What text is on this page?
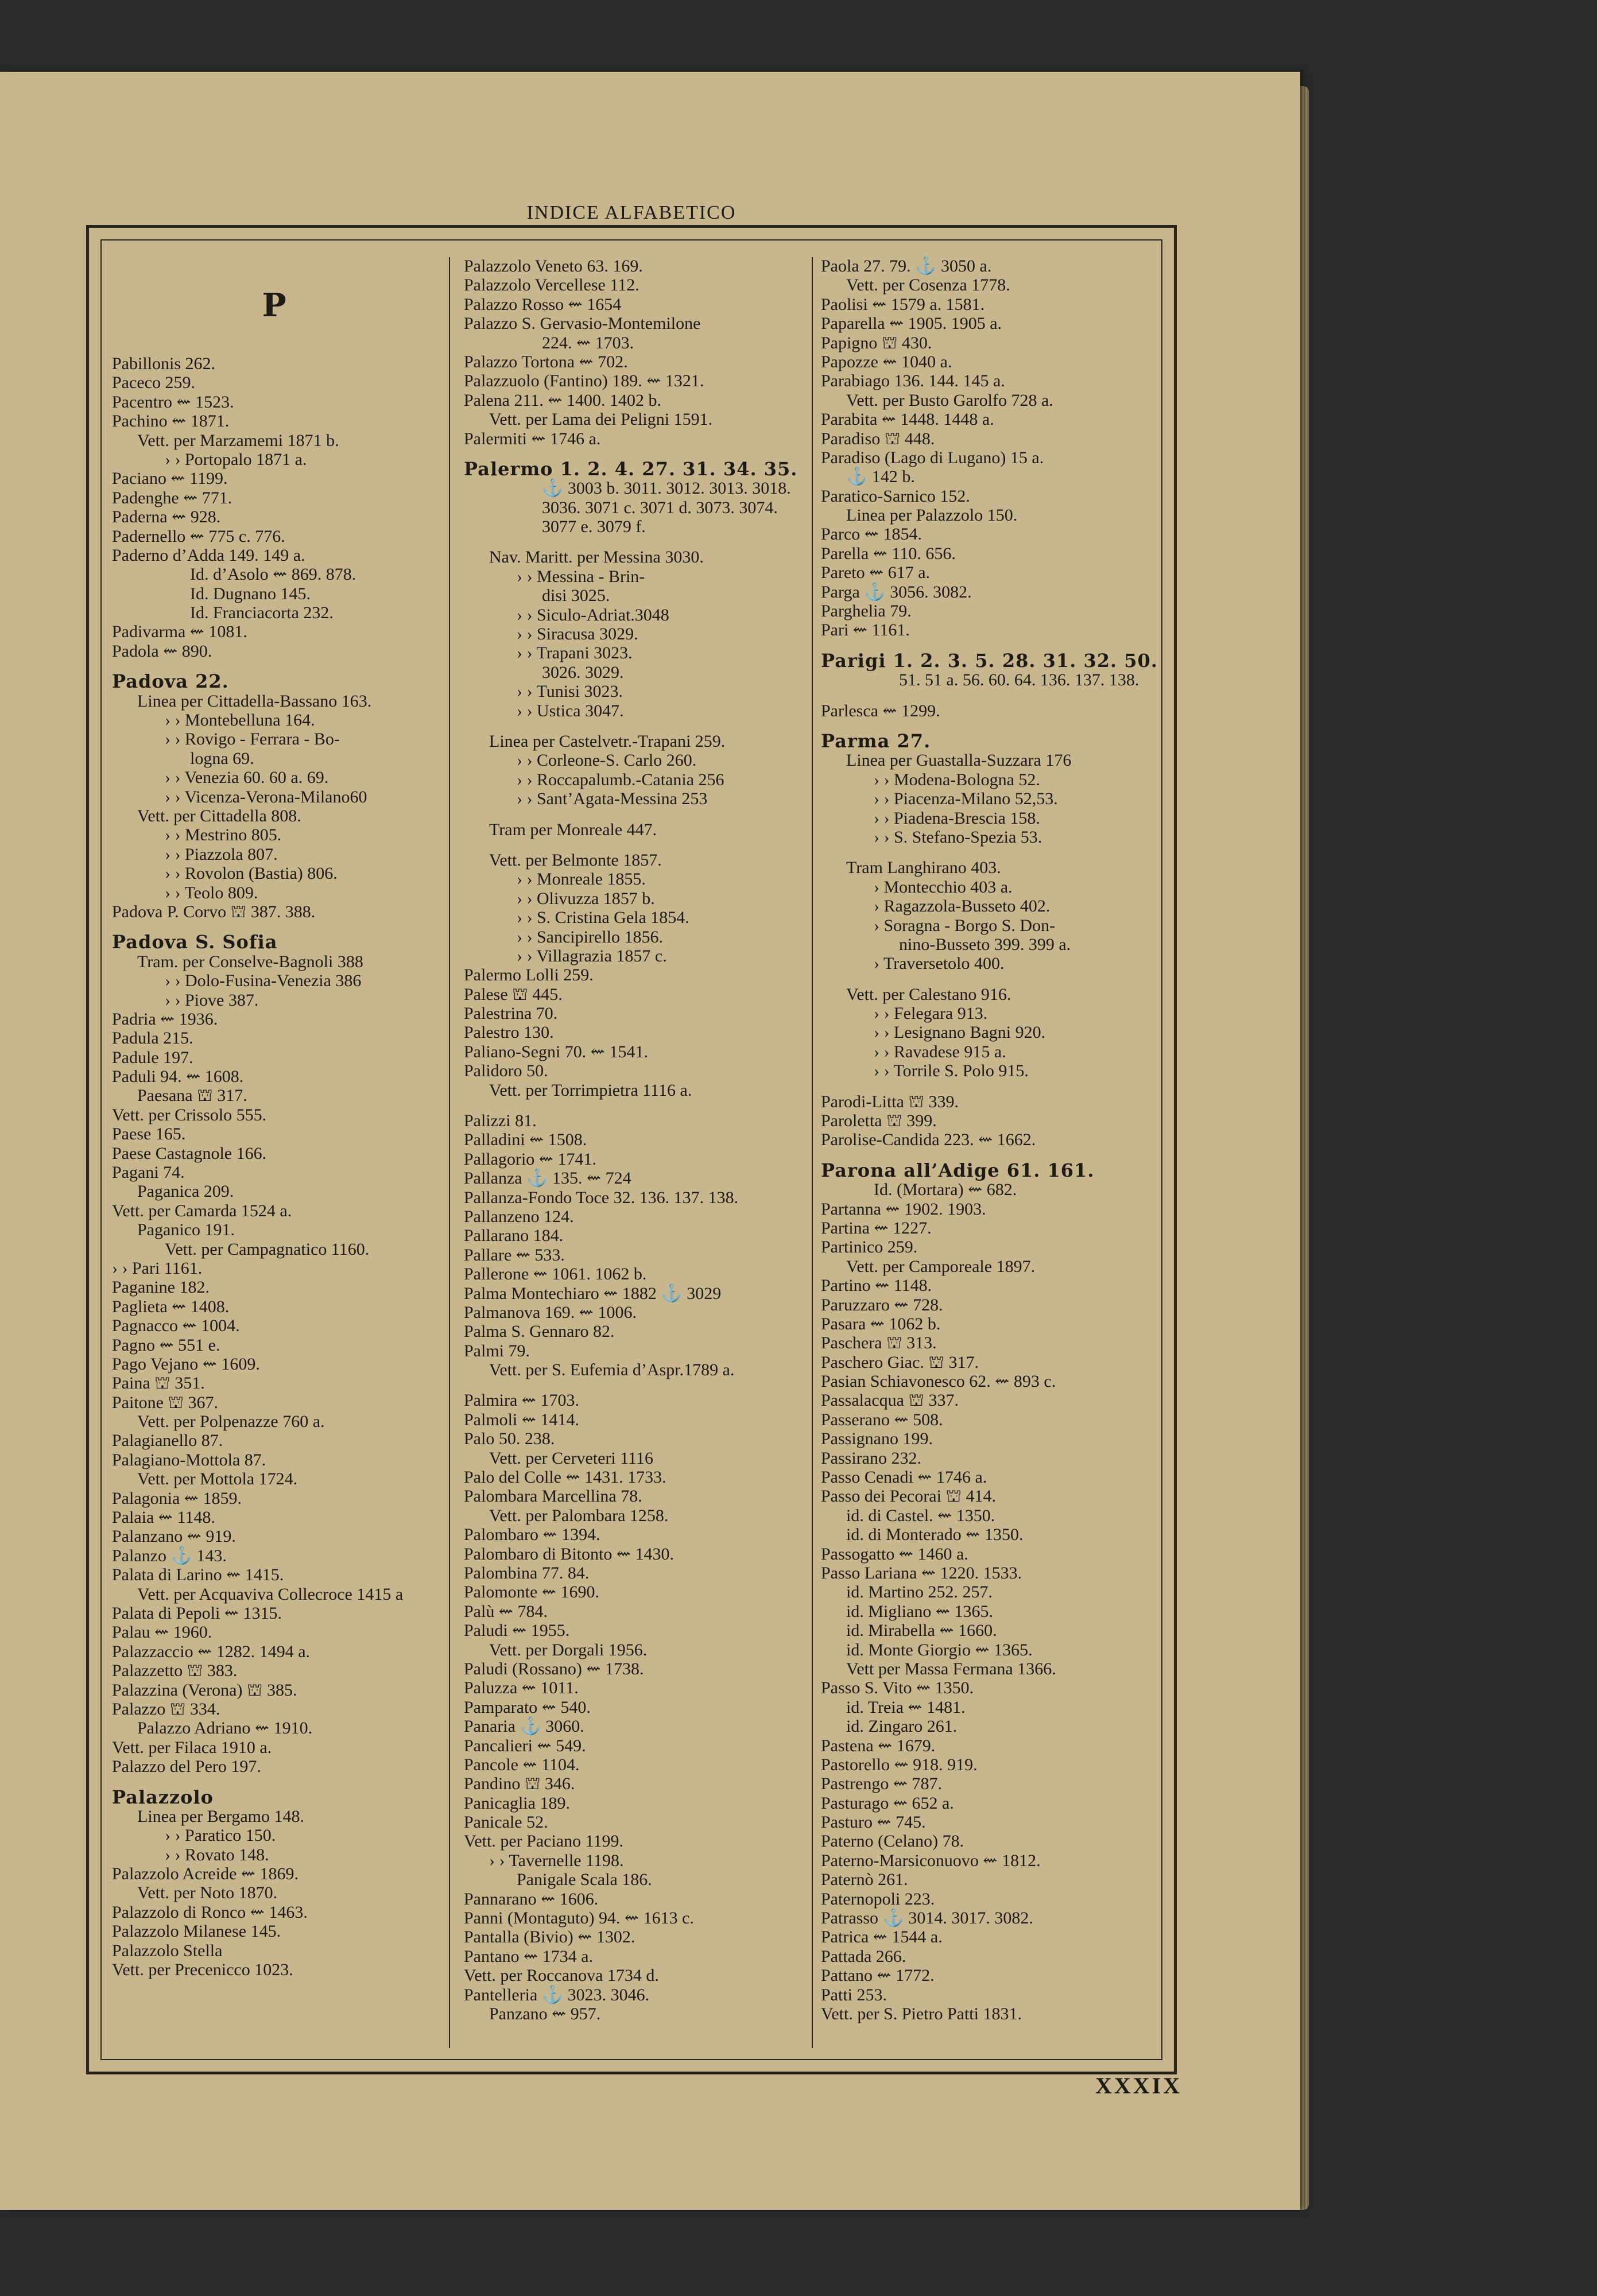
INDICE ALFABETICO
P
Pabillonis 262.
Paceco 259.
Pacentro ⇜ 1523.
Pachino ⇜ 1871.
Vett. per Marzamemi 1871 b.
› › Portopalo 1871 a.
Paciano ⇜ 1199.
Padenghe ⇜ 771.
Paderna ⇜ 928.
Padernello ⇜ 775 c. 776.
Paderno d’Adda 149. 149 a.
Id. d’Asolo ⇜ 869. 878.
Id. Dugnano 145.
Id. Franciacorta 232.
Padivarma ⇜ 1081.
Padola ⇜ 890.
Padova 22.
Linea per Cittadella-Bassano 163.
› › Montebelluna 164.
› › Rovigo - Ferrara - Bo-
logna 69.
› › Venezia 60. 60 a. 69.
› › Vicenza-Verona-Milano60
Vett. per Cittadella 808.
› › Mestrino 805.
› › Piazzola 807.
› › Rovolon (Bastia) 806.
› › Teolo 809.
Padova P. Corvo ⛫ 387. 388.
Padova S. Sofia
Tram. per Conselve-Bagnoli 388
› › Dolo-Fusina-Venezia 386
› › Piove 387.
Padria ⇜ 1936.
Padula 215.
Padule 197.
Paduli 94. ⇜ 1608.
Paesana ⛫ 317.
Vett. per Crissolo 555.
Paese 165.
Paese Castagnole 166.
Pagani 74.
Paganica 209.
Vett. per Camarda 1524 a.
Paganico 191.
Vett. per Campagnatico 1160.
› › Pari 1161.
Paganine 182.
Paglieta ⇜ 1408.
Pagnacco ⇜ 1004.
Pagno ⇜ 551 e.
Pago Vejano ⇜ 1609.
Paina ⛫ 351.
Paitone ⛫ 367.
Vett. per Polpenazze 760 a.
Palagianello 87.
Palagiano-Mottola 87.
Vett. per Mottola 1724.
Palagonia ⇜ 1859.
Palaia ⇜ 1148.
Palanzano ⇜ 919.
Palanzo ⚓ 143.
Palata di Larino ⇜ 1415.
Vett. per Acquaviva Collecroce 1415 a
Palata di Pepoli ⇜ 1315.
Palau ⇜ 1960.
Palazzaccio ⇜ 1282. 1494 a.
Palazzetto ⛫ 383.
Palazzina (Verona) ⛫ 385.
Palazzo ⛫ 334.
Palazzo Adriano ⇜ 1910.
Vett. per Filaca 1910 a.
Palazzo del Pero 197.
Palazzolo
Linea per Bergamo 148.
› › Paratico 150.
› › Rovato 148.
Palazzolo Acreide ⇜ 1869.
Vett. per Noto 1870.
Palazzolo di Ronco ⇜ 1463.
Palazzolo Milanese 145.
Palazzolo Stella
Vett. per Precenicco 1023.
Palazzolo Veneto 63. 169.
Palazzolo Vercellese 112.
Palazzo Rosso ⇜ 1654
Palazzo S. Gervasio-Montemilone
224. ⇜ 1703.
Palazzo Tortona ⇜ 702.
Palazzuolo (Fantino) 189. ⇜ 1321.
Palena 211. ⇜ 1400. 1402 b.
Vett. per Lama dei Peligni 1591.
Palermiti ⇜ 1746 a.
Palermo 1. 2. 4. 27. 31. 34. 35.
⚓ 3003 b. 3011. 3012. 3013. 3018.
3036. 3071 c. 3071 d. 3073. 3074.
3077 e. 3079 f.
Nav. Maritt. per Messina 3030.
› › Messina - Brin-
disi 3025.
› › Siculo-Adriat.3048
› › Siracusa 3029.
› › Trapani 3023.
3026. 3029.
› › Tunisi 3023.
› › Ustica 3047.
Linea per Castelvetr.-Trapani 259.
› › Corleone-S. Carlo 260.
› › Roccapalumb.-Catania 256
› › Sant’Agata-Messina 253
Tram per Monreale 447.
Vett. per Belmonte 1857.
› › Monreale 1855.
› › Olivuzza 1857 b.
› › S. Cristina Gela 1854.
› › Sancipirello 1856.
› › Villagrazia 1857 c.
Palermo Lolli 259.
Palese ⛫ 445.
Palestrina 70.
Palestro 130.
Paliano-Segni 70. ⇜ 1541.
Palidoro 50.
Vett. per Torrimpietra 1116 a.
Palizzi 81.
Palladini ⇜ 1508.
Pallagorio ⇜ 1741.
Pallanza ⚓ 135. ⇜ 724
Pallanza-Fondo Toce 32. 136. 137. 138.
Pallanzeno 124.
Pallarano 184.
Pallare ⇜ 533.
Pallerone ⇜ 1061. 1062 b.
Palma Montechiaro ⇜ 1882 ⚓ 3029
Palmanova 169. ⇜ 1006.
Palma S. Gennaro 82.
Palmi 79.
Vett. per S. Eufemia d’Aspr.1789 a.
Palmira ⇜ 1703.
Palmoli ⇜ 1414.
Palo 50. 238.
Vett. per Cerveteri 1116
Palo del Colle ⇜ 1431. 1733.
Palombara Marcellina 78.
Vett. per Palombara 1258.
Palombaro ⇜ 1394.
Palombaro di Bitonto ⇜ 1430.
Palombina 77. 84.
Palomonte ⇜ 1690.
Palù ⇜ 784.
Paludi ⇜ 1955.
Vett. per Dorgali 1956.
Paludi (Rossano) ⇜ 1738.
Paluzza ⇜ 1011.
Pamparato ⇜ 540.
Panaria ⚓ 3060.
Pancalieri ⇜ 549.
Pancole ⇜ 1104.
Pandino ⛫ 346.
Panicaglia 189.
Panicale 52.
Vett. per Paciano 1199.
› › Tavernelle 1198.
Panigale Scala 186.
Pannarano ⇜ 1606.
Panni (Montaguto) 94. ⇜ 1613 c.
Pantalla (Bivio) ⇜ 1302.
Pantano ⇜ 1734 a.
Vett. per Roccanova 1734 d.
Pantelleria ⚓ 3023. 3046.
Panzano ⇜ 957.
Paola 27. 79. ⚓ 3050 a.
Vett. per Cosenza 1778.
Paolisi ⇜ 1579 a. 1581.
Paparella ⇜ 1905. 1905 a.
Papigno ⛫ 430.
Papozze ⇜ 1040 a.
Parabiago 136. 144. 145 a.
Vett. per Busto Garolfo 728 a.
Parabita ⇜ 1448. 1448 a.
Paradiso ⛫ 448.
Paradiso (Lago di Lugano) 15 a.
⚓ 142 b.
Paratico-Sarnico 152.
Linea per Palazzolo 150.
Parco ⇜ 1854.
Parella ⇜ 110. 656.
Pareto ⇜ 617 a.
Parga ⚓ 3056. 3082.
Parghelia 79.
Pari ⇜ 1161.
Parigi 1. 2. 3. 5. 28. 31. 32. 50.
51. 51 a. 56. 60. 64. 136. 137. 138.
Parlesca ⇜ 1299.
Parma 27.
Linea per Guastalla-Suzzara 176
› › Modena-Bologna 52.
› › Piacenza-Milano 52,53.
› › Piadena-Brescia 158.
› › S. Stefano-Spezia 53.
Tram Langhirano 403.
› Montecchio 403 a.
› Ragazzola-Busseto 402.
› Soragna - Borgo S. Don-
nino-Busseto 399. 399 a.
› Traversetolo 400.
Vett. per Calestano 916.
› › Felegara 913.
› › Lesignano Bagni 920.
› › Ravadese 915 a.
› › Torrile S. Polo 915.
Parodi-Litta ⛫ 339.
Paroletta ⛫ 399.
Parolise-Candida 223. ⇜ 1662.
Parona all’Adige 61. 161.
Id. (Mortara) ⇜ 682.
Partanna ⇜ 1902. 1903.
Partina ⇜ 1227.
Partinico 259.
Vett. per Camporeale 1897.
Partino ⇜ 1148.
Paruzzaro ⇜ 728.
Pasara ⇜ 1062 b.
Paschera ⛫ 313.
Paschero Giac. ⛫ 317.
Pasian Schiavonesco 62. ⇜ 893 c.
Passalacqua ⛫ 337.
Passerano ⇜ 508.
Passignano 199.
Passirano 232.
Passo Cenadi ⇜ 1746 a.
Passo dei Pecorai ⛫ 414.
id. di Castel. ⇜ 1350.
id. di Monterado ⇜ 1350.
Passogatto ⇜ 1460 a.
Passo Lariana ⇜ 1220. 1533.
id. Martino 252. 257.
id. Migliano ⇜ 1365.
id. Mirabella ⇜ 1660.
id. Monte Giorgio ⇜ 1365.
Vett per Massa Fermana 1366.
Passo S. Vito ⇜ 1350.
id. Treia ⇜ 1481.
id. Zingaro 261.
Pastena ⇜ 1679.
Pastorello ⇜ 918. 919.
Pastrengo ⇜ 787.
Pasturago ⇜ 652 a.
Pasturo ⇜ 745.
Paterno (Celano) 78.
Paterno-Marsiconuovo ⇜ 1812.
Paternò 261.
Paternopoli 223.
Patrasso ⚓ 3014. 3017. 3082.
Patrica ⇜ 1544 a.
Pattada 266.
Pattano ⇜ 1772.
Patti 253.
Vett. per S. Pietro Patti 1831.
XXXIX
